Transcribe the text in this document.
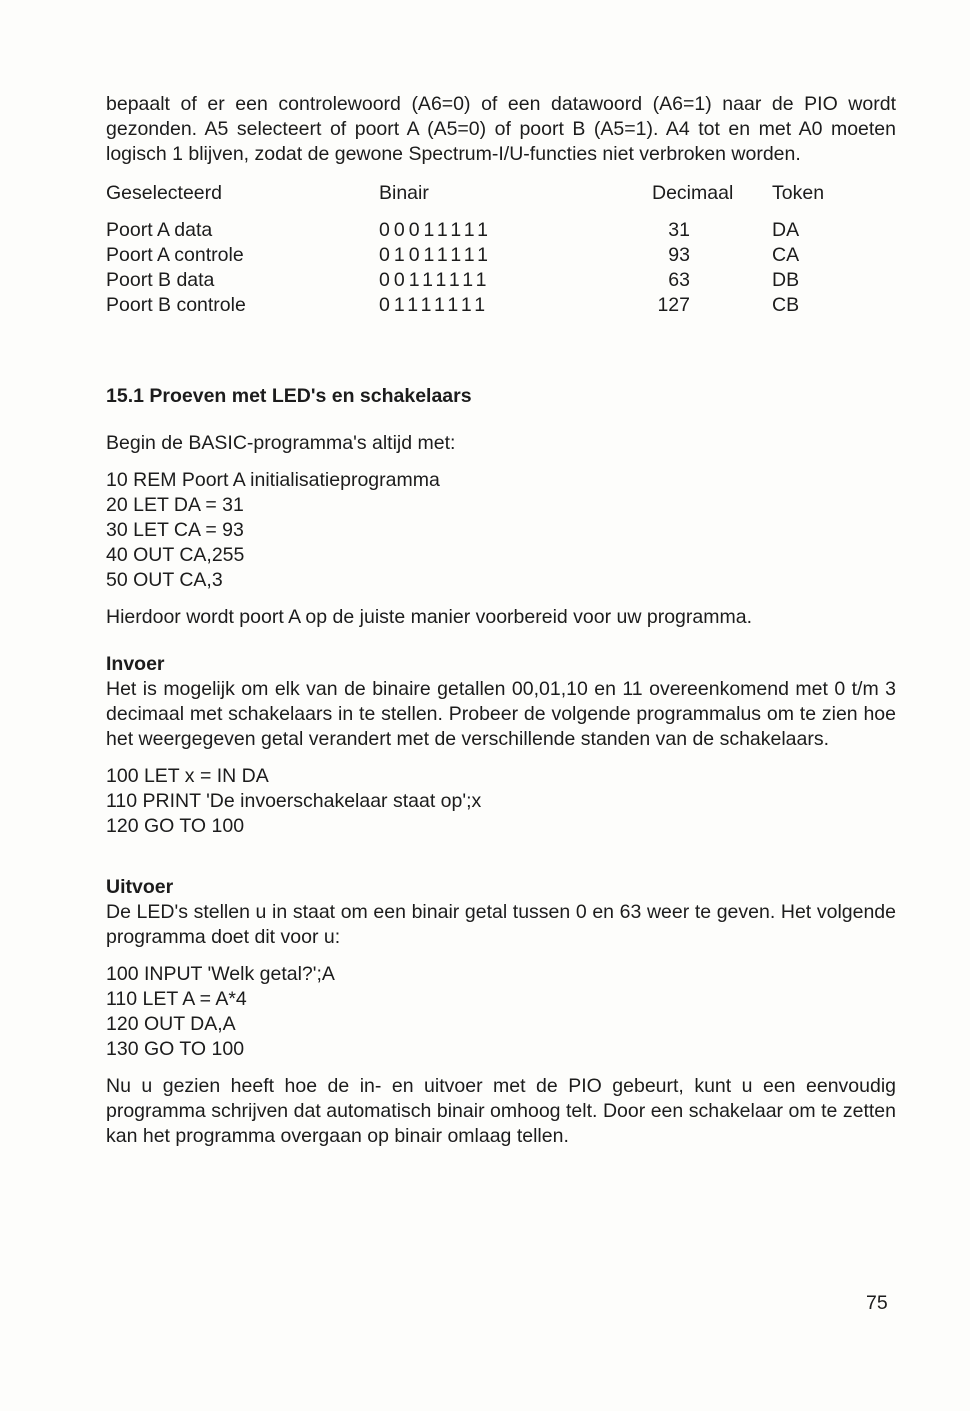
bepaalt of er een controlewoord (A6=0) of een datawoord (A6=1) naar de PIO wordt gezonden. A5 selecteert of poort A (A5=0) of poort B (A5=1). A4 tot en met A0 moeten logisch 1 blijven, zodat de gewone Spectrum-I/U-functies niet verbroken worden.

Geselecteerd	Binair	Decimaal Token
Poort A data	00011111	31	DA
Poort A controle	01011111	93	CA
Poort B data	00111111	63	DB
Poort B controle	01111111	127	CB
15.1 Proeven met LED's en schakelaars

Begin de BASIC-programma's altijd met:

10 REM Poort A initialisatieprogramma
20 LET DA = 31
30 LET CA = 93
40 OUT CA,255
50 OUT CA,3

Hierdoor wordt poort A op de juiste manier voorbereid voor uw programma.

Invoer

Het is mogelijk om elk van de binaire getallen 00,01,10 en 11 overeenkomend met 0 t/m 3 decimaal met schakelaars in te stellen. Probeer de volgende programmalus om te zien hoe het weergegeven getal verandert met de verschillende standen van de schakelaars.

100 LET x = IN DA
110 PRINT 'De invoerschakelaar staat op';x
120 GO TO 100
Uitvoer

De LED's stellen u in staat om een binair getal tussen 0 en 63 weer te geven. Het volgende programma doet dit voor u:

100 INPUT 'Welk getal?';A
110 LET A = A*4
120 OUT DA,A
130 GO TO 100

Nu u gezien heeft hoe de in- en uitvoer met de PIO gebeurt, kunt u een eenvoudig programma schrijven dat automatisch binair omhoog telt. Door een schakelaar om te zetten kan het programma overgaan op binair omlaag tellen.

75
